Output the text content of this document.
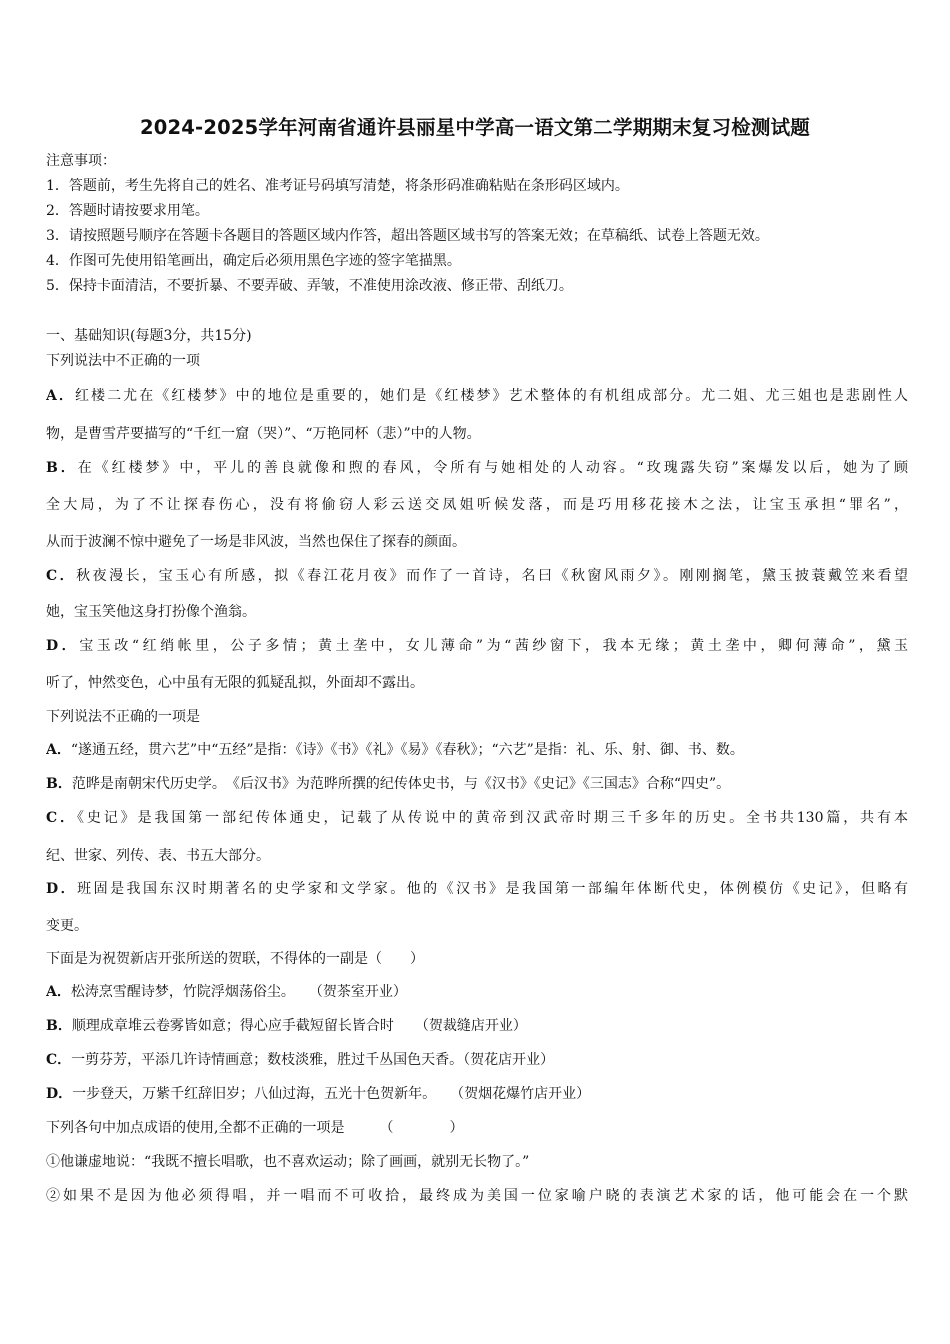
2024-2025学年河南省通许县丽星中学高一语文第二学期期末复习检测试题
注意事项：
1．答题前，考生先将自己的姓名、准考证号码填写清楚，将条形码准确粘贴在条形码区域内。
2．答题时请按要求用笔。
3．请按照题号顺序在答题卡各题目的答题区域内作答，超出答题区域书写的答案无效；在草稿纸、试卷上答题无效。
4．作图可先使用铅笔画出，确定后必须用黑色字迹的签字笔描黑。
5．保持卡面清洁，不要折暴、不要弄破、弄皱，不准使用涂改液、修正带、刮纸刀。
一、基础知识(每题3分，共15分)
下列说法中不正确的一项
A．红楼二尤在《红楼梦》中的地位是重要的，她们是《红楼梦》艺术整体的有机组成部分。尤二姐、尤三姐也是悲剧性人
物，是曹雪芹要描写的“千红一窟（哭）”、“万艳同杯（悲）”中的人物。
B．在《红楼梦》中，平儿的善良就像和煦的春风，令所有与她相处的人动容。“玫瑰露失窃”案爆发以后，她为了顾
全大局，为了不让探春伤心，没有将偷窃人彩云送交凤姐听候发落，而是巧用移花接木之法，让宝玉承担“罪名”，
从而于波澜不惊中避免了一场是非风波，当然也保住了探春的颜面。
C．秋夜漫长，宝玉心有所感，拟《春江花月夜》而作了一首诗，名曰《秋窗风雨夕》。刚刚搁笔，黛玉披蓑戴笠来看望
她，宝玉笑他这身打扮像个渔翁。
D．宝玉改“红绡帐里，公子多情；黄土垄中，女儿薄命”为“茜纱窗下，我本无缘；黄土垄中，卿何薄命”，黛玉
听了，忡然变色，心中虽有无限的狐疑乱拟，外面却不露出。
下列说法不正确的一项是
A．“遂通五经，贯六艺”中“五经”是指：《诗》《书》《礼》《易》《春秋》；“六艺”是指：礼、乐、射、御、书、数。
B．范晔是南朝宋代历史学。　《后汉书》为范晔所撰的纪传体史书，与《汉书》《史记》《三国志》合称“四史”。
C．《史记》是我国第一部纪传体通史，记载了从传说中的黄帝到汉武帝时期三千多年的历史。全书共130篇，共有本
纪、世家、列传、表、书五大部分。
D．班固是我国东汉时期著名的史学家和文学家。他的《汉书》是我国第一部编年体断代史，体例模仿《史记》，但略有
变更。
下面是为祝贺新店开张所送的贺联，不得体的一副是（　　）
A．松涛烹雪醒诗梦，竹院浮烟荡俗尘。　　（贺茶室开业）
B．顺理成章堆云卷雾皆如意；得心应手截短留长皆合时　　（贺裁缝店开业）
C．一剪芬芳，平添几许诗情画意；数枝淡雅，胜过千丛国色天香。（贺花店开业）
D．一步登天，万紫千红辞旧岁；八仙过海，五光十色贺新年。　　（贺烟花爆竹店开业）
下列各句中加点成语的使用,全都不正确的一项是　　　（　　　　）
①他谦虚地说：“我既不擅长唱歌，也不喜欢运动；除了画画，就别无长物了。”
②如果不是因为他必须得唱，并一唱而不可收拾，最终成为美国一位家喻户晓的表演艺术家的话，他可能会在一个默
